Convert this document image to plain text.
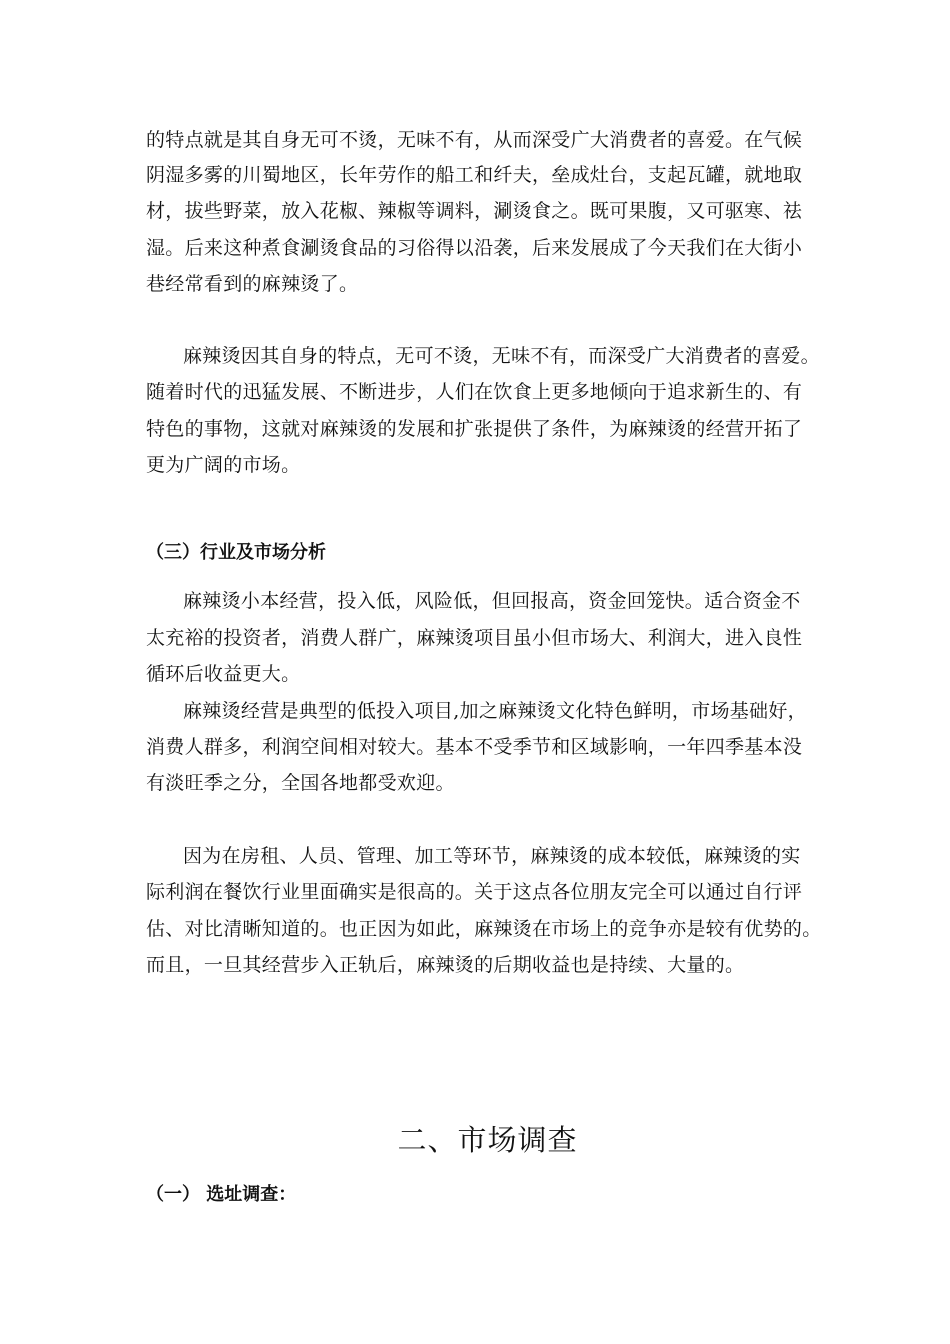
的特点就是其自身无可不烫，无味不有，从而深受广大消费者的喜爱。在气候
阴湿多雾的川蜀地区，长年劳作的船工和纤夫，垒成灶台，支起瓦罐，就地取
材，拔些野菜，放入花椒、辣椒等调料，涮烫食之。既可果腹，又可驱寒、祛
湿。后来这种煮食涮烫食品的习俗得以沿袭，后来发展成了今天我们在大街小
巷经常看到的麻辣烫了。
麻辣烫因其自身的特点，无可不烫，无味不有，而深受广大消费者的喜爱。
随着时代的迅猛发展、不断进步，人们在饮食上更多地倾向于追求新生的、有
特色的事物，这就对麻辣烫的发展和扩张提供了条件，为麻辣烫的经营开拓了
更为广阔的市场。
（三）行业及市场分析
麻辣烫小本经营，投入低，风险低，但回报高，资金回笼快。适合资金不
太充裕的投资者，消费人群广，麻辣烫项目虽小但市场大、利润大，进入良性
循环后收益更大。
麻辣烫经营是典型的低投入项目,加之麻辣烫文化特色鲜明，市场基础好，
消费人群多，利润空间相对较大。基本不受季节和区域影响，一年四季基本没
有淡旺季之分，全国各地都受欢迎。
因为在房租、人员、管理、加工等环节，麻辣烫的成本较低，麻辣烫的实
际利润在餐饮行业里面确实是很高的。关于这点各位朋友完全可以通过自行评
估、对比清晰知道的。也正因为如此，麻辣烫在市场上的竞争亦是较有优势的。
而且，一旦其经营步入正轨后，麻辣烫的后期收益也是持续、大量的。
二、市场调查
（一） 选址调查：
